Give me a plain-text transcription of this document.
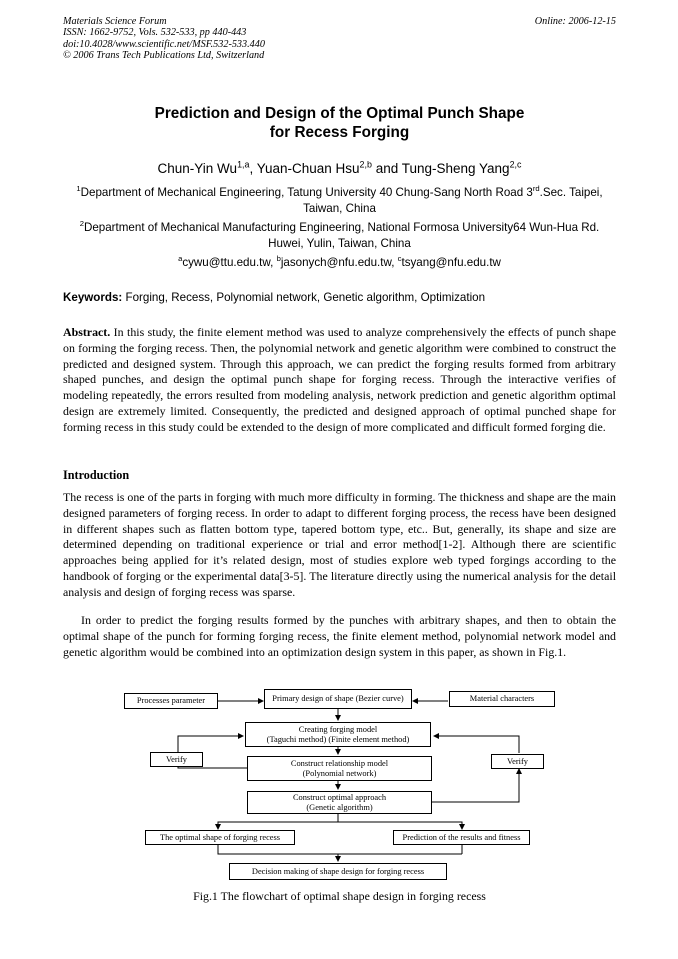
Materials Science Forum
ISSN: 1662-9752, Vols. 532-533, pp 440-443
doi:10.4028/www.scientific.net/MSF.532-533.440
© 2006 Trans Tech Publications Ltd, Switzerland
Online: 2006-12-15
Prediction and Design of the Optimal Punch Shape
for Recess Forging
Chun-Yin Wu$^{1,a}$, Yuan-Chuan Hsu$^{2,b}$ and Tung-Sheng Yang$^{2,c}$
$^1$Department of Mechanical Engineering, Tatung University 40 Chung-Sang North Road 3rd.Sec. Taipei, Taiwan, China
$^2$Department of Mechanical Manufacturing Engineering, National Formosa University64 Wun-Hua Rd. Huwei, Yulin, Taiwan, China
$^a$cywu@ttu.edu.tw, $^b$jasonych@nfu.edu.tw, $^c$tsyang@nfu.edu.tw
Keywords: Forging, Recess, Polynomial network, Genetic algorithm, Optimization
Abstract. In this study, the finite element method was used to analyze comprehensively the effects of punch shape on forming the forging recess. Then, the polynomial network and genetic algorithm were combined to construct the predicted and designed system. Through this approach, we can predict the forging results formed from arbitrary shaped punches, and design the optimal punch shape for forging recess. Through the interactive verifies of modeling repeatedly, the errors resulted from modeling analysis, network prediction and genetic algorithm optimal design are extremely limited. Consequently, the predicted and designed approach of optimal punched shape for forming recess in this study could be extended to the design of more complicated and difficult formed forging die.
Introduction
The recess is one of the parts in forging with much more difficulty in forming. The thickness and shape are the main designed parameters of forging recess. In order to adapt to different forging process, the recess have been designed in different shapes such as flatten bottom type, tapered bottom type, etc.. But, generally, its shape and size are determined depending on traditional experience or trial and error method[1-2]. Although there are scientific approaches being applied for it’s related design, most of studies explore web typed forgings according to the handbook of forging or the experimental data[3-5]. The literature directly using the numerical analysis for the detail analysis and design of forging recess was sparse.
In order to predict the forging results formed by the punches with arbitrary shapes, and then to obtain the optimal shape of the punch for forming forging recess, the finite element method, polynomial network model and genetic algorithm would be combined into an optimization design system in this paper, as shown in Fig.1.
Processes parameter	Primary design of shape (Bezier curve)	Material characters
Creating forging model
(Taguchi method) (Finite element method)
Verify	Verify
Construct relationship model
(Polynomial network)
Construct optimal approach
(Genetic algorithm)
The optimal shape of forging recess	Prediction of the results and fitness
Decision making of shape design for forging recess
Fig.1 The flowchart of optimal shape design in forging recess
